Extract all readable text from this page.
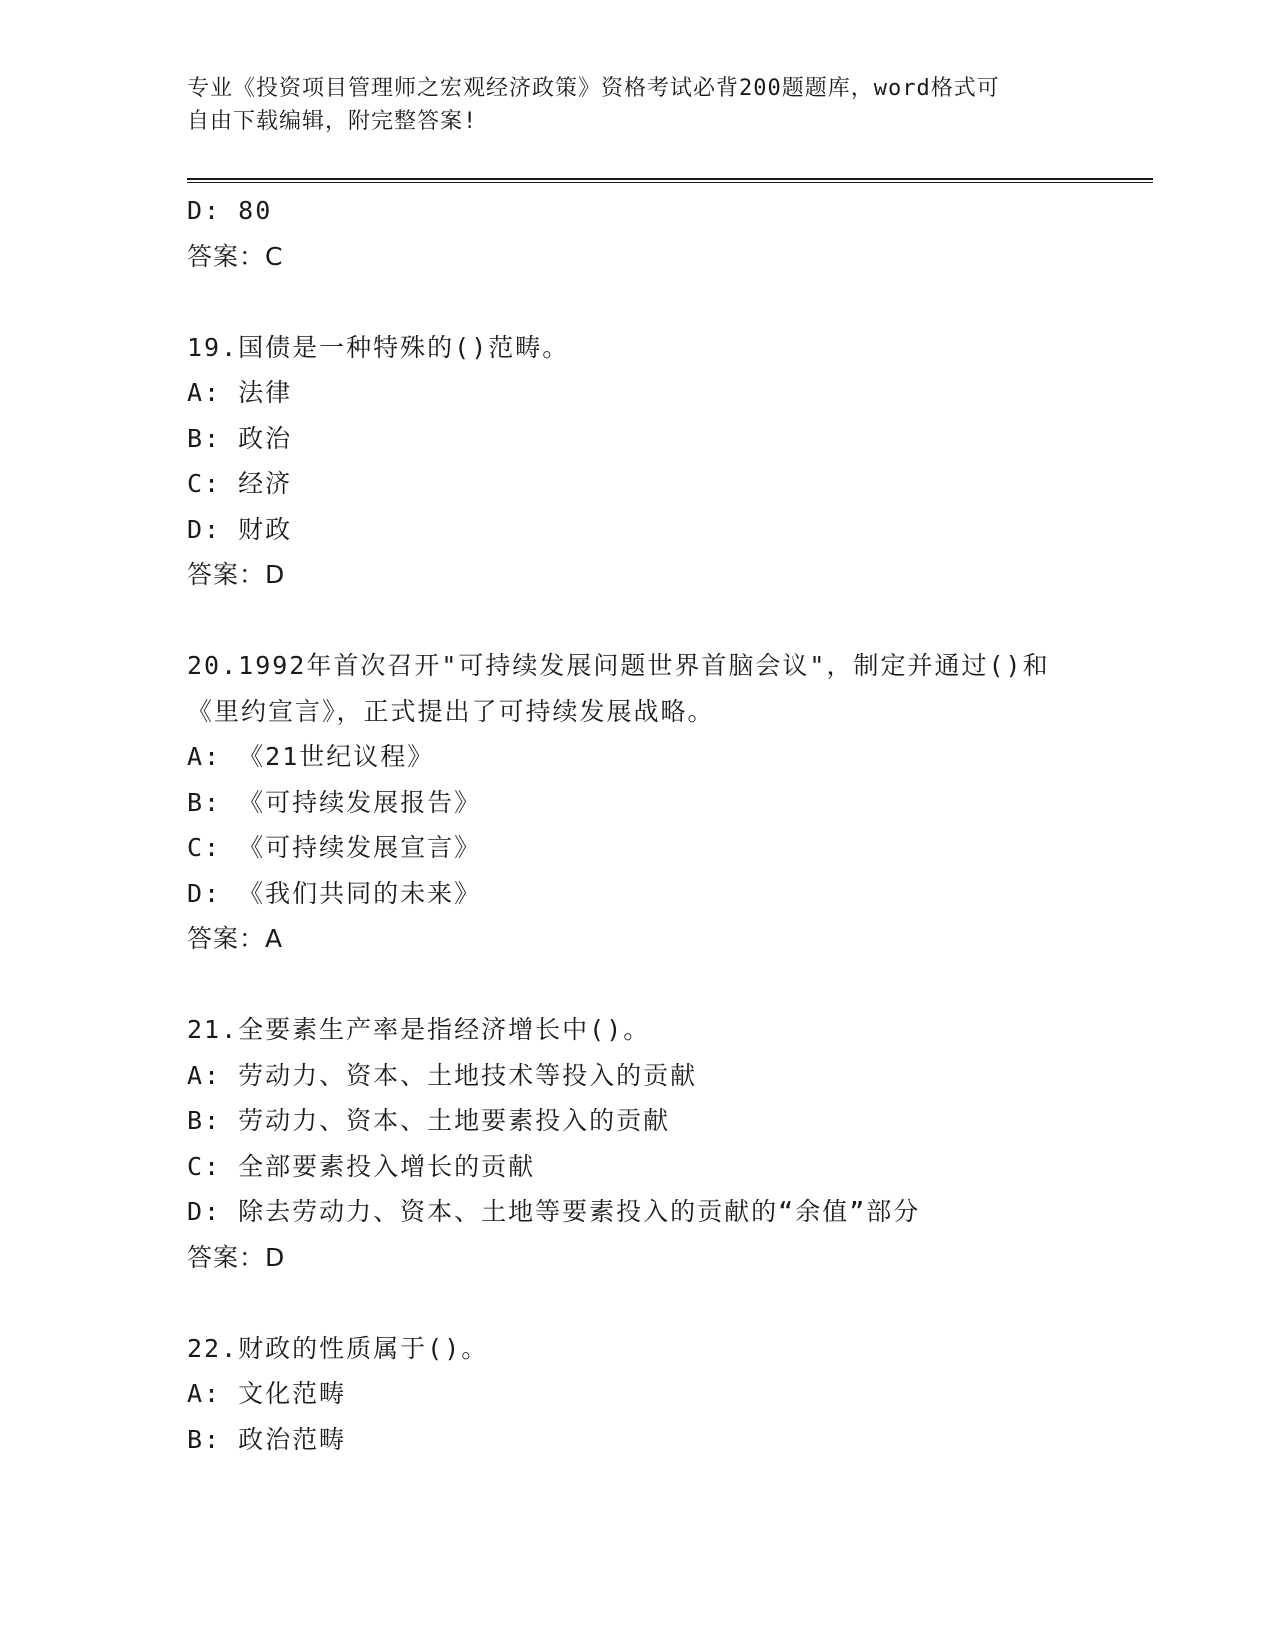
专业《投资项目管理师之宏观经济政策》资格考试必背200题题库，word格式可
自由下载编辑，附完整答案!
D: 80
答案：C
19.国债是一种特殊的()范畴。
A: 法律
B: 政治
C: 经济
D: 财政
答案：D
20.1992年首次召开"可持续发展问题世界首脑会议"，制定并通过()和
《里约宣言》，正式提出了可持续发展战略。
A: 《21世纪议程》
B: 《可持续发展报告》
C: 《可持续发展宣言》
D: 《我们共同的未来》
答案：A
21.全要素生产率是指经济增长中()。
A: 劳动力、资本、土地技术等投入的贡献
B: 劳动力、资本、土地要素投入的贡献
C: 全部要素投入增长的贡献
D: 除去劳动力、资本、土地等要素投入的贡献的“余值”部分
答案：D
22.财政的性质属于()。
A: 文化范畴
B: 政治范畴
